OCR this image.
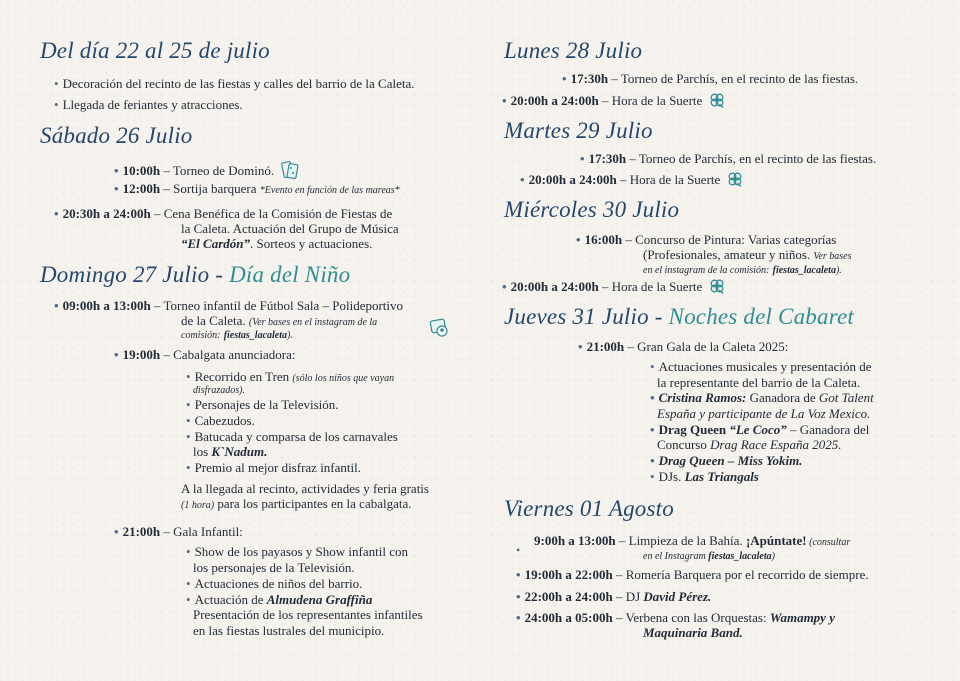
Del día 22 al 25 de julio
• Decoración del recinto de las fiestas y calles del barrio de la Caleta.
• Llegada de feriantes y atracciones.
Sábado 26 Julio
• 10:00h – Torneo de Dominó.
• 12:00h – Sortija barquera *Evento en función de las mareas*
• 20:30h a 24:00h – Cena Benéfica de la Comisión de Fiestas de
la Caleta. Actuación del Grupo de Música
“El Cardón”. Sorteos y actuaciones.
Domingo 27 Julio - Día del Niño
• 09:00h a 13:00h – Torneo infantil de Fútbol Sala – Polideportivo
de la Caleta. (Ver bases en el instagram de la
comisión: fiestas_lacaleta).
• 19:00h – Cabalgata anunciadora:
• Recorrido en Tren (sólo los niños que vayan
disfrazados).
• Personajes de la Televisión.
• Cabezudos.
• Batucada y comparsa de los carnavales
los K`Nadum.
• Premio al mejor disfraz infantil.
A la llegada al recinto, actividades y feria gratis
(1 hora) para los participantes en la cabalgata.
• 21:00h – Gala Infantil:
• Show de los payasos y Show infantil con
los personajes de la Televisión.
• Actuaciones de niños del barrio.
• Actuación de Almudena Graffiña
Presentación de los representantes infantiles
en las fiestas lustrales del municipio.
Lunes 28 Julio
• 17:30h – Torneo de Parchís, en el recinto de las fiestas.
• 20:00h a 24:00h – Hora de la Suerte
Martes 29 Julio
• 17:30h – Torneo de Parchís, en el recinto de las fiestas.
• 20:00h a 24:00h – Hora de la Suerte
Miércoles 30 Julio
• 16:00h – Concurso de Pintura: Varias categorías
(Profesionales, amateur y niños. Ver bases
en el instagram de la comisión: fiestas_lacaleta).
• 20:00h a 24:00h – Hora de la Suerte
Jueves 31 Julio - Noches del Cabaret
• 21:00h – Gran Gala de la Caleta 2025:
• Actuaciones musicales y presentación de
la representante del barrio de la Caleta.
• Cristina Ramos: Ganadora de Got Talent
España y participante de La Voz Mexico.
• Drag Queen “Le Coco” – Ganadora del
Concurso Drag Race España 2025.
• Drag Queen – Miss Yokim.
• DJs. Las Triangals
Viernes 01 Agosto
•
9:00h a 13:00h – Limpieza de la Bahía. ¡Apúntate! (consultar
en el Instagram fiestas_lacaleta)
• 19:00h a 22:00h – Romería Barquera por el recorrido de siempre.
• 22:00h a 24:00h – DJ David Pérez.
• 24:00h a 05:00h – Verbena con las Orquestas: Wamampy y
Maquinaria Band.
